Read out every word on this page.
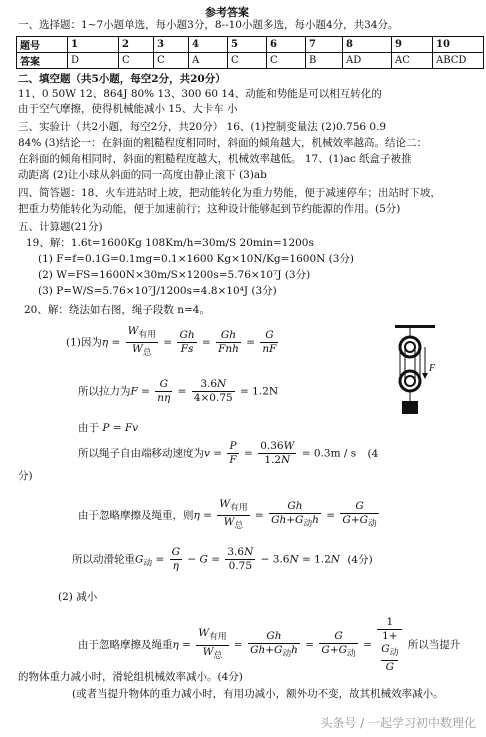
参考答案
一、选择题：1~7小题单选，每小题3分，8--10小题多选，每小题4分，共34分。
题号	1	2	3	4	5	6	7	8	9	10
答案	D	C	C	A	C	C	B	AD	AC	ABCD
二、填空题（共5小题，每空2分，共20分）
11、0 50W 12、864J 80% 13、300 60 14、动能和势能是可以相互转化的
由于空气摩擦，使得机械能减小 15、大卡车 小
三、实验计（共2小题，每空2分，共20分） 16、(1)控制变量法 (2)0.756 0.9
84% (3)结论一：在斜面的粗糙程度相同时，斜面的倾角越大，机械效率越高。结论二：
在斜面的倾角相同时，斜面的粗糙程度越大，机械效率越低。 17、(1)ac 纸盒子被推
动距离 (2)让小球从斜面的同一高度由静止滚下 (3)ab
四、简答题：18、火车进站时上坡，把动能转化为重力势能，便于减速停车；出站时下坡，
把重力势能转化为动能，便于加速前行；这种设计能够起到节约能源的作用。(5分)
五、计算题(21分)
19、解：1.6t=1600Kg 108Km/h=30m/S 20min=1200s
(1) F=f=0.1G=0.1mg=0.1×1600 Kg×10N/Kg=1600N (3分)
(2) W=FS=1600N×30m/S×1200s=5.76×10⁷J (3分)
(3) P=W/S=5.76×10⁷J/1200s=4.8×10⁴J (3分)
20、解：绕法如右图，绳子段数 n=4。
(1)因为$\eta = \frac{W_{有用}}{W_总} = \frac{Gh}{Fs} = \frac{Gh}{\text{Fnh}} = \frac{G}{nF}$
所以拉力为$F = \frac{G}{n\eta} = \frac{3.6N}{4\times 0.75} = 1.2N$
由于 P = Fv
所以绳子自由端移动速度为$v = \frac{P}{F} = \frac{0.36W}{1.2N} = 0.3m / s$ (4
分)
由于忽略摩擦及绳重，则$\eta = \frac{W_{有用}}{W_总} = \frac{Gh}{Gh+G_动h} = \frac{G}{G+G_动}$
所以动滑轮重$G_动 = \frac{G}{\eta} - G = \frac{3.6N}{0.75} - 3.6N = 1.2N$ (4分)
(2) 减小
由于忽略摩擦及绳重$\eta = \frac{W_{有用}}{W_总} = \frac{Gh}{Gh+G_动h} = \frac{G}{G+G_动} = 1$
1+
$G_动$
G 所以当提升
的物体重力减小时，滑轮组机械效率减小。(4分)
(或者当提升物体的重力减小时，有用功减小，额外功不变，故其机械效率减小。
F
头条号 / 一起学习初中数理化
